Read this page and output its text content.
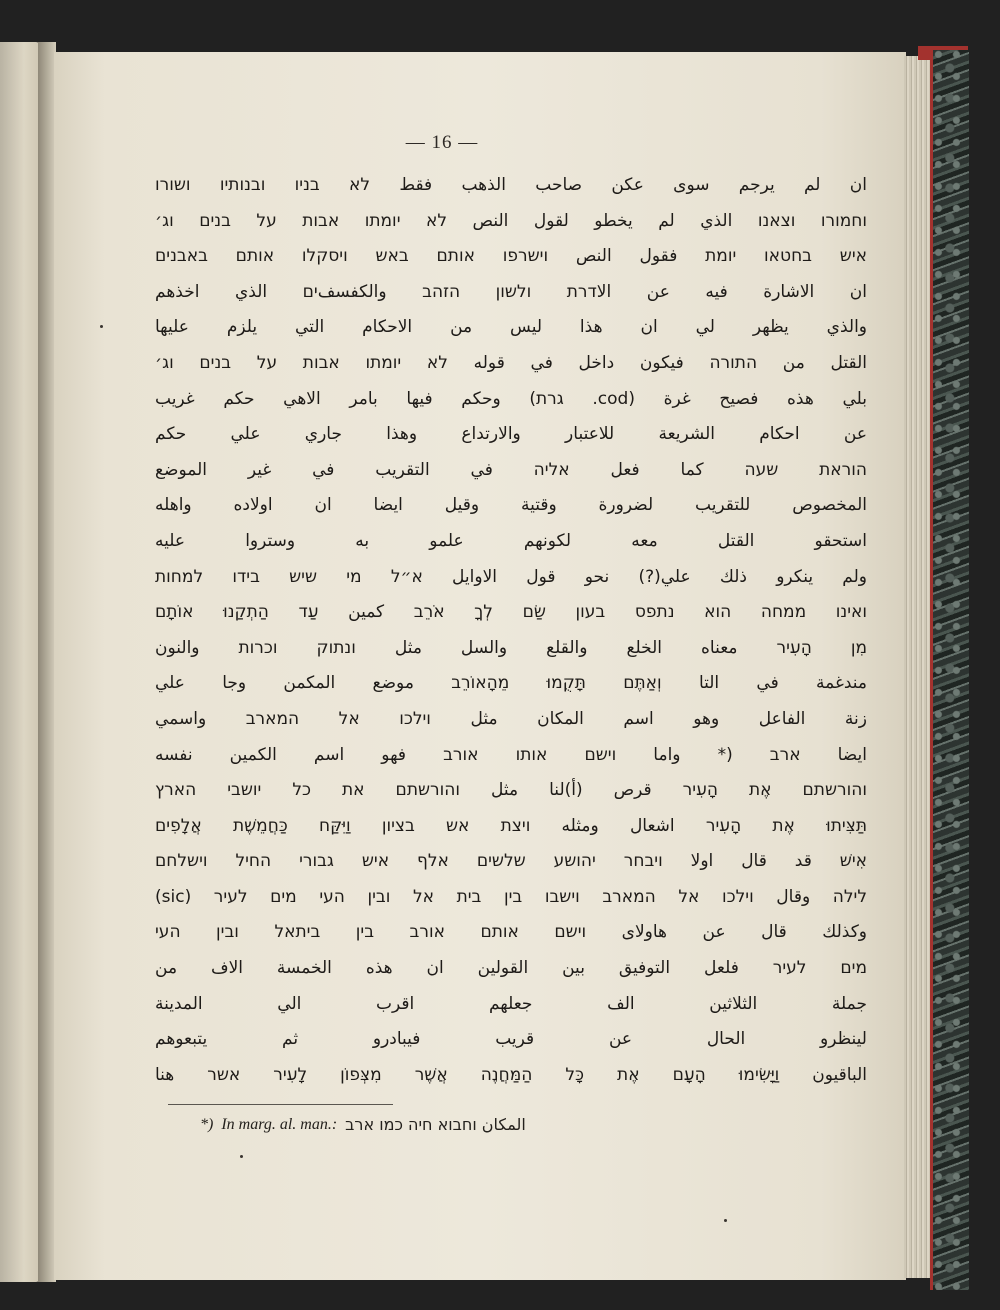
— 16 —
ان لم يرجم سوى عكن صاحب الذهب فقط לא בניו ובנותיו ושורו
וחמורו וצאנו الذي لم يخطو لقول النص לא יומתו אבות על בנים וג׳
איש בחטאו יומת فقول النص וישרפו אותם באש ויסקלו אותם באבנים
ان الاشارة فيه عن الاדרת ולשון הזהב والكفسفים الذي اخذهم
والذي يظهر لي ان هذا ليس من الاحكام التي يلزم عليها
القتل من התורה فيكون داخل في قوله לא יומתו אבות על בנים וג׳
بلي هذه فصيح غرة (cod. גרת) وحكم فيها بامر الاهي حكم غريب
عن احكام الشريعة للاعتبار والارتداع وهذا جاري علي حكم
הוראת שעה كما فعل אליה في التقريب في غير الموضع
المخصوص للتقريب لضرورة وقتية وقيل ايضا ان اولاده واهله
استحقو القتل معه لكونهم علمو به وستروا عليه
ولم ينكرو ذلك علي(?) نحو قول الاوايل א״ל מי שיש בידו למחות
ואינו ממחה הוא נתפס בעון שַׂם לְךָ אֹרֵב كمين עַד הַתְקַנוּ אוֹתָם
מִן הָעִיר معناه الخلع والقلع والسل مثل ונתוק וכרות والنون
مندغمة في التا וְאַתֶּם תָּקֻמוּ מֵהָאוֹרֵב موضع المكمن وجا علي
زنة الفاعل وهو اسم المكان مثل וילכו אל המארב واسمي
ايضا ארב (* واما וישם אותו אורב فهو اسم الكمين نفسه
והורשתם אֶת הָעִיר قرص (أ)لنا مثل והורשתם את כל יושבי הארץ
תַּצִּיתוּ אֶת הָעִיר اشعال ومثله ויצת אש בציון וַיִּקַּח כַּחֲמֵשֶׁת אֲלָפִים
אִישׁ قد قال اولا ויבחר יהושע שלשים אלף איש גבורי החיל וישלחם
לילה وقال וילכו אל המארב וישבו בין בית אל ובין העי מים לעיר (sic)
وكذلك قال عن هاولاى וישם אותם אורב בין ביתאל ובין העי
מים לעיר فلعل التوفيق بين القولين ان هذه الخمسة الاف من
جملة الثلاثين الف جعلهم اقرب الي المدينة
لينظرو الحال عن قريب فيبادرو ثم يتبعوهم
الباقيون וַיָּשִׂימוּ הָעָם אֶת כָּל הַמַּחֲנֶה אֲשֶׁר מִצְּפוֹן לָעִיר אשר هنا
*) In marg. al. man.: المكان וחבוא חיה כמו ארב
